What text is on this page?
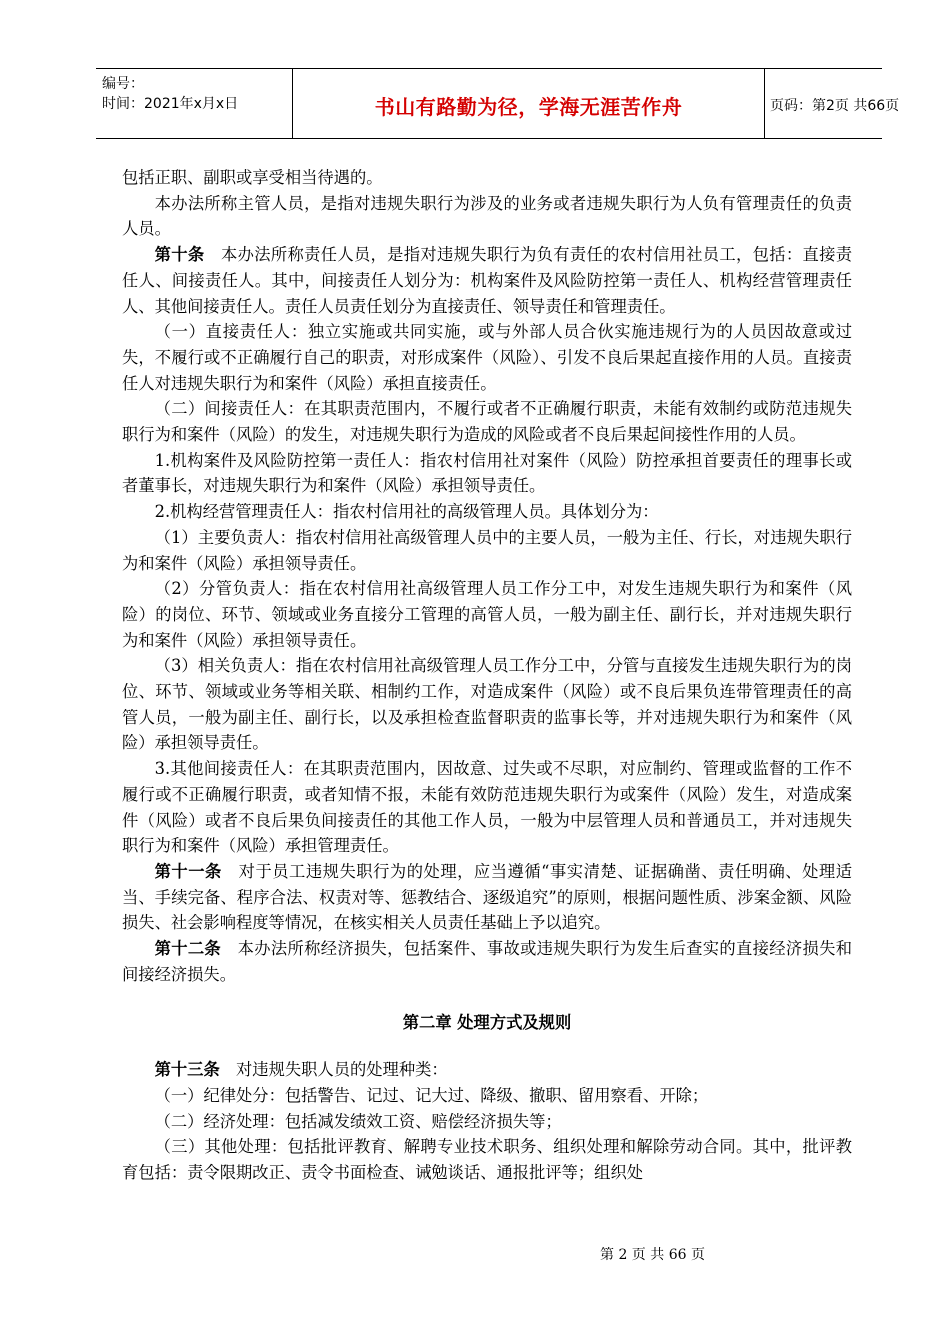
编号：
时间：2021年x月x日	书山有路勤为径，学海无涯苦作舟	页码：第2页 共66页

包括正职、副职或享受相当待遇的。

本办法所称主管人员，是指对违规失职行为涉及的业务或者违规失职行为人负有管理责任的负责人员。

第十条　本办法所称责任人员，是指对违规失职行为负有责任的农村信用社员工，包括：直接责任人、间接责任人。其中，间接责任人划分为：机构案件及风险防控第一责任人、机构经营管理责任人、其他间接责任人。责任人员责任划分为直接责任、领导责任和管理责任。

（一）直接责任人：独立实施或共同实施，或与外部人员合伙实施违规行为的人员因故意或过失，不履行或不正确履行自己的职责，对形成案件（风险）、引发不良后果起直接作用的人员。直接责任人对违规失职行为和案件（风险）承担直接责任。

（二）间接责任人：在其职责范围内，不履行或者不正确履行职责，未能有效制约或防范违规失职行为和案件（风险）的发生，对违规失职行为造成的风险或者不良后果起间接性作用的人员。

1.机构案件及风险防控第一责任人：指农村信用社对案件（风险）防控承担首要责任的理事长或者董事长，对违规失职行为和案件（风险）承担领导责任。

2.机构经营管理责任人：指农村信用社的高级管理人员。具体划分为：

（1）主要负责人：指农村信用社高级管理人员中的主要人员，一般为主任、行长，对违规失职行为和案件（风险）承担领导责任。

（2）分管负责人：指在农村信用社高级管理人员工作分工中，对发生违规失职行为和案件（风险）的岗位、环节、领域或业务直接分工管理的高管人员，一般为副主任、副行长，并对违规失职行为和案件（风险）承担领导责任。

（3）相关负责人：指在农村信用社高级管理人员工作分工中，分管与直接发生违规失职行为的岗位、环节、领域或业务等相关联、相制约工作，对造成案件（风险）或不良后果负连带管理责任的高管人员，一般为副主任、副行长，以及承担检查监督职责的监事长等，并对违规失职行为和案件（风险）承担领导责任。

3.其他间接责任人：在其职责范围内，因故意、过失或不尽职，对应制约、管理或监督的工作不履行或不正确履行职责，或者知情不报，未能有效防范违规失职行为或案件（风险）发生，对造成案件（风险）或者不良后果负间接责任的其他工作人员，一般为中层管理人员和普通员工，并对违规失职行为和案件（风险）承担管理责任。

第十一条　对于员工违规失职行为的处理，应当遵循“事实清楚、证据确凿、责任明确、处理适当、手续完备、程序合法、权责对等、惩教结合、逐级追究”的原则，根据问题性质、涉案金额、风险损失、社会影响程度等情况，在核实相关人员责任基础上予以追究。

第十二条　本办法所称经济损失，包括案件、事故或违规失职行为发生后查实的直接经济损失和间接经济损失。

第二章 处理方式及规则

第十三条　对违规失职人员的处理种类：

（一）纪律处分：包括警告、记过、记大过、降级、撤职、留用察看、开除；

（二）经济处理：包括减发绩效工资、赔偿经济损失等；

（三）其他处理：包括批评教育、解聘专业技术职务、组织处理和解除劳动合同。其中，批评教育包括：责令限期改正、责令书面检查、诫勉谈话、通报批评等；组织处

第 2 页 共 66 页
